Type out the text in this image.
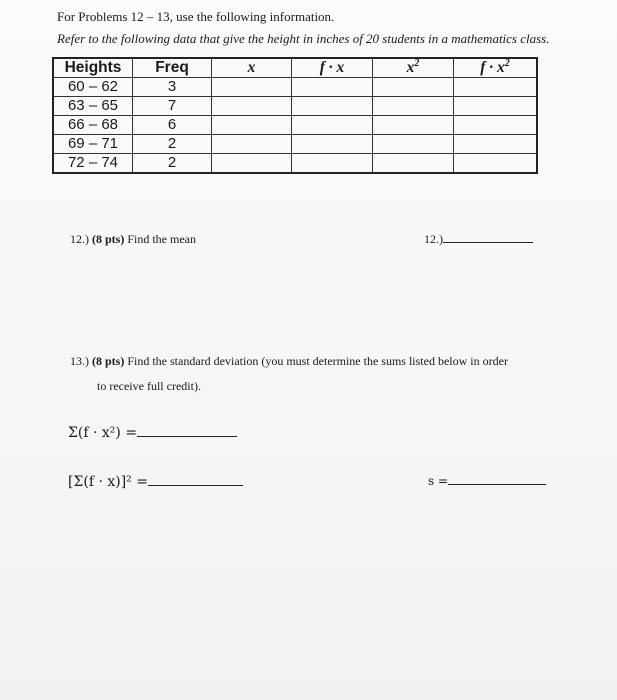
For Problems 12 – 13, use the following information.
Refer to the following data that give the height in inches of 20 students in a mathematics class.
Heights	Freq	x	f · x	$x^2$	$f \cdot x^2$
60 – 62	3				
63 – 65	7				
66 – 68	6				
69 – 71	2				
72 – 74	2				
12.) (8 pts) Find the mean	12.)
13.) (8 pts) Find the standard deviation (you must determine the sums listed below in order
to receive full credit).
Σ(f · x²) =
[Σ(f · x)]² =	s =
